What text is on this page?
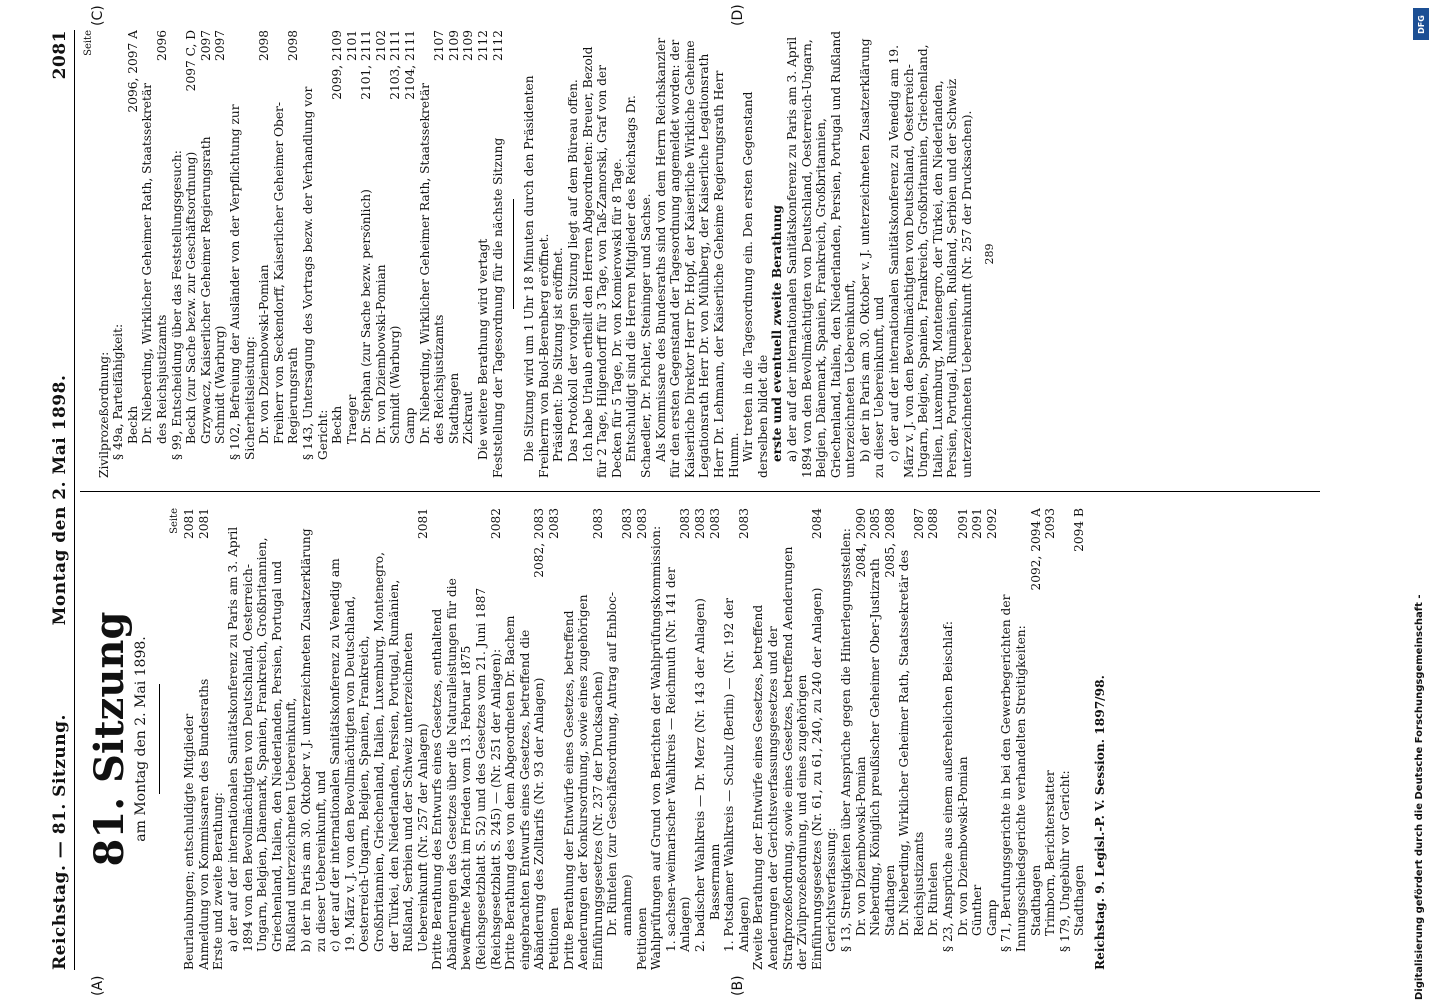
Reichstag. — 81. Sitzung.
Montag den 2. Mai 1898.
2081
(A)	(B)
(C)	(D)
81. Sitzung am Montag den 2. Mai 1898.
Seite
Beurlaubungen; entschuldigte Mitglieder
2081
Anmeldung von Kommissaren des Bundesraths
2081
Erste und zweite Berathung: a) der auf der internationalen Sanitätskonferenz zu Paris am 3. April 1894 von den Bevollmächtigten von Deutschland, Oesterreich-Ungarn, Belgien, Dänemark, Spanien, Frankreich, Großbritannien, Griechenland, Italien, den Niederlanden, Persien, Portugal und Rußland unterzeichneten Uebereinkunft, b) der in Paris am 30. Oktober v. J. unterzeichneten Zusatzerklärung zu dieser Uebereinkunft, und c) der auf der internationalen Sanitätskonferenz zu Venedig am 19. März v. J. von den Bevollmächtigten von Deutschland, Oesterreich-Ungarn, Belgien, Spanien, Frankreich, Großbritannien, Griechenland, Italien, Luxemburg, Montenegro, der Türkei, den Niederlanden, Persien, Portugal, Rumänien, Rußland, Serbien und der Schweiz unterzeichneten Uebereinkunft (Nr. 257 der Anlagen)
2081
Dritte Berathung des Entwurfs eines Gesetzes, enthaltend Abänderungen des Gesetzes über die Naturalleistungen für die bewaffnete Macht im Frieden vom 13. Februar 1875 (Reichsgesetzblatt S. 52) und des Gesetzes vom 21. Juni 1887 (Reichsgesetzblatt S. 245) — (Nr. 251 der Anlagen):
2082
Dritte Berathung des von dem Abgeordneten Dr. Bachem eingebrachten Entwurfs eines Gesetzes, betreffend die Abänderung des Zolltarifs (Nr. 93 der Anlagen)
2082, 2083
Petitionen
2083
Dritte Berathung der Entwürfe eines Gesetzes, betreffend Aenderungen der Konkursordnung, sowie eines zugehörigen Einführungsgesetzes (Nr. 237 der Drucksachen)
2083
Dr. Rintelen (zur Geschäftsordnung, Antrag auf Enbloc-annahme)
2083
Petitionen
2083
Wahlprüfungen auf Grund von Berichten der Wahlprüfungskommission: 1. sachsen-weimarischer Wahlkreis — Reichmuth (Nr. 141 der Anlagen)
2083
2. badischer Wahlkreis — Dr. Merz (Nr. 143 der Anlagen)
2083
Bassermann
2083
1. Potsdamer Wahlkreis — Schulz (Berlin) — (Nr. 192 der Anlagen)
2083
Zweite Berathung der Entwürfe eines Gesetzes, betreffend Aenderungen der Gerichtsverfassungsgesetzes und der Strafprozeßordnung, sowie eines Gesetzes, betreffend Aenderungen der Zivilprozeßordnung, und eines zugehörigen Einführungsgesetzes (Nr. 61, zu 61, 240, zu 240 der Anlagen)
2084
Gerichtsverfassung: § 13, Streitigkeiten über Ansprüche gegen die Hinterlegungsstellen: Dr. von Dziembowski-Pomian
2084, 2090
Nieberding, Königlich preußischer Geheimer Ober-Justizrath
2085
Stadthagen
2085, 2088
Dr. Nieberding, Wirklicher Geheimer Rath, Staatssekretär des Reichsjustizamts
2087
Dr. Rintelen
2088
§ 23, Ansprüche aus einem außerehelichen Beischlaf: Dr. von Dziembowski-Pomian
2091
Günther
2091
Gamp
2092
§ 71, Berufungsgerichte in bei den Gewerbegerichten der Innungsschiedsgerichte verhandelten Streitigkeiten: Stadthagen
2092, 2094 A
Trimborn, Berichterstatter
2093
§ 179, Ungebühr vor Gericht: Stadthagen
2094 B
Reichstag. 9. Legisl.-P. V. Session. 1897/98.
Seite
Zivilprozeßordnung: § 49a, Parteifähigkeit: Beckh
2096, 2097 A
Dr. Nieberding, Wirklicher Geheimer Rath, Staatssekretär des Reichsjustizamts
2096
§ 99, Entscheidung über das Feststellungsgesuch: Beckh (zur Sache bezw. zur Geschäftsordnung)
2097 C, D
Grzywacz, Kaiserlicher Geheimer Regierungsrath
2097
Schmidt (Warburg)
2097
§ 102, Befreiung der Ausländer von der Verpflichtung zur Sicherheitsleistung: Dr. von Dziembowski-Pomian
2098
Freiherr von Seckendorff, Kaiserlicher Geheimer Ober-Regierungsrath
2098
§ 143, Untersagung des Vortrags bezw. der Verhandlung vor Gericht: Beckh
2099, 2109
Traeger
2101
Dr. Stephan (zur Sache bezw. persönlich)
2101, 2111
Dr. von Dziembowski-Pomian
2102
Schmidt (Warburg)
2103, 2111
Gamp
2104, 2111
Dr. Nieberding, Wirklicher Geheimer Rath, Staatssekretär des Reichsjustizamts
2107
Stadthagen
2109
Zickraut
2109
Die weitere Berathung wird vertagt
2112
Feststellung der Tagesordnung für die nächste Sitzung
2112

Die Sitzung wird um 1 Uhr 18 Minuten durch den Präsidenten Freiherrn von Buol-Berenberg eröffnet. Präsident: Die Sitzung ist eröffnet. Das Protokoll der vorigen Sitzung liegt auf dem Büreau offen. Ich habe Urlaub ertheilt den Herren Abgeordneten: Breuer, Bezold für 2 Tage, Hilgendorff für 3 Tage, von Taß-Zamorski, Graf von der Decken für 5 Tage, Dr. von Komierowski für 8 Tage. Entschuldigt sind die Herren Mitglieder des Reichstags Dr. Schaedler, Dr. Pichler, Steininger und Sachse. Als Kommissare des Bundesraths sind von dem Herrn Reichskanzler für den ersten Gegenstand der Tagesordnung angemeldet worden: der Kaiserliche Direktor Herr Dr. Hopf, der Kaiserliche Wirkliche Geheime Legationsrath Herr Dr. von Mühlberg, der Kaiserliche Legationsrath Herr Dr. Lehmann, der Kaiserliche Geheime Regierungsrath Herr Humm. Wir treten in die Tagesordnung ein. Den ersten Gegenstand derselben bildet die erste und eventuell zweite Berathung a) der auf der internationalen Sanitätskonferenz zu Paris am 3. April 1894 von den Bevollmächtigten von Deutschland, Oesterreich-Ungarn, Belgien, Dänemark, Spanien, Frankreich, Großbritannien, Griechenland, Italien, den Niederlanden, Persien, Portugal und Rußland unterzeichneten Uebereinkunft, b) der in Paris am 30. Oktober v. J. unterzeichneten Zusatzerklärung zu dieser Uebereinkunft, und c) der auf der internationalen Sanitätskonferenz zu Venedig am 19. März v. J. von den Bevollmächtigten von Deutschland, Oesterreich-Ungarn, Belgien, Spanien, Frankreich, Großbritannien, Griechenland, Italien, Luxemburg, Montenegro, der Türkei, den Niederlanden, Persien, Portugal, Rumänien, Rußland, Serbien und der Schweiz unterzeichneten Uebereinkunft (Nr. 257 der Drucksachen). 289
DFG
Digitalisierung gefördert durch die Deutsche Forschungsgemeinschaft -
